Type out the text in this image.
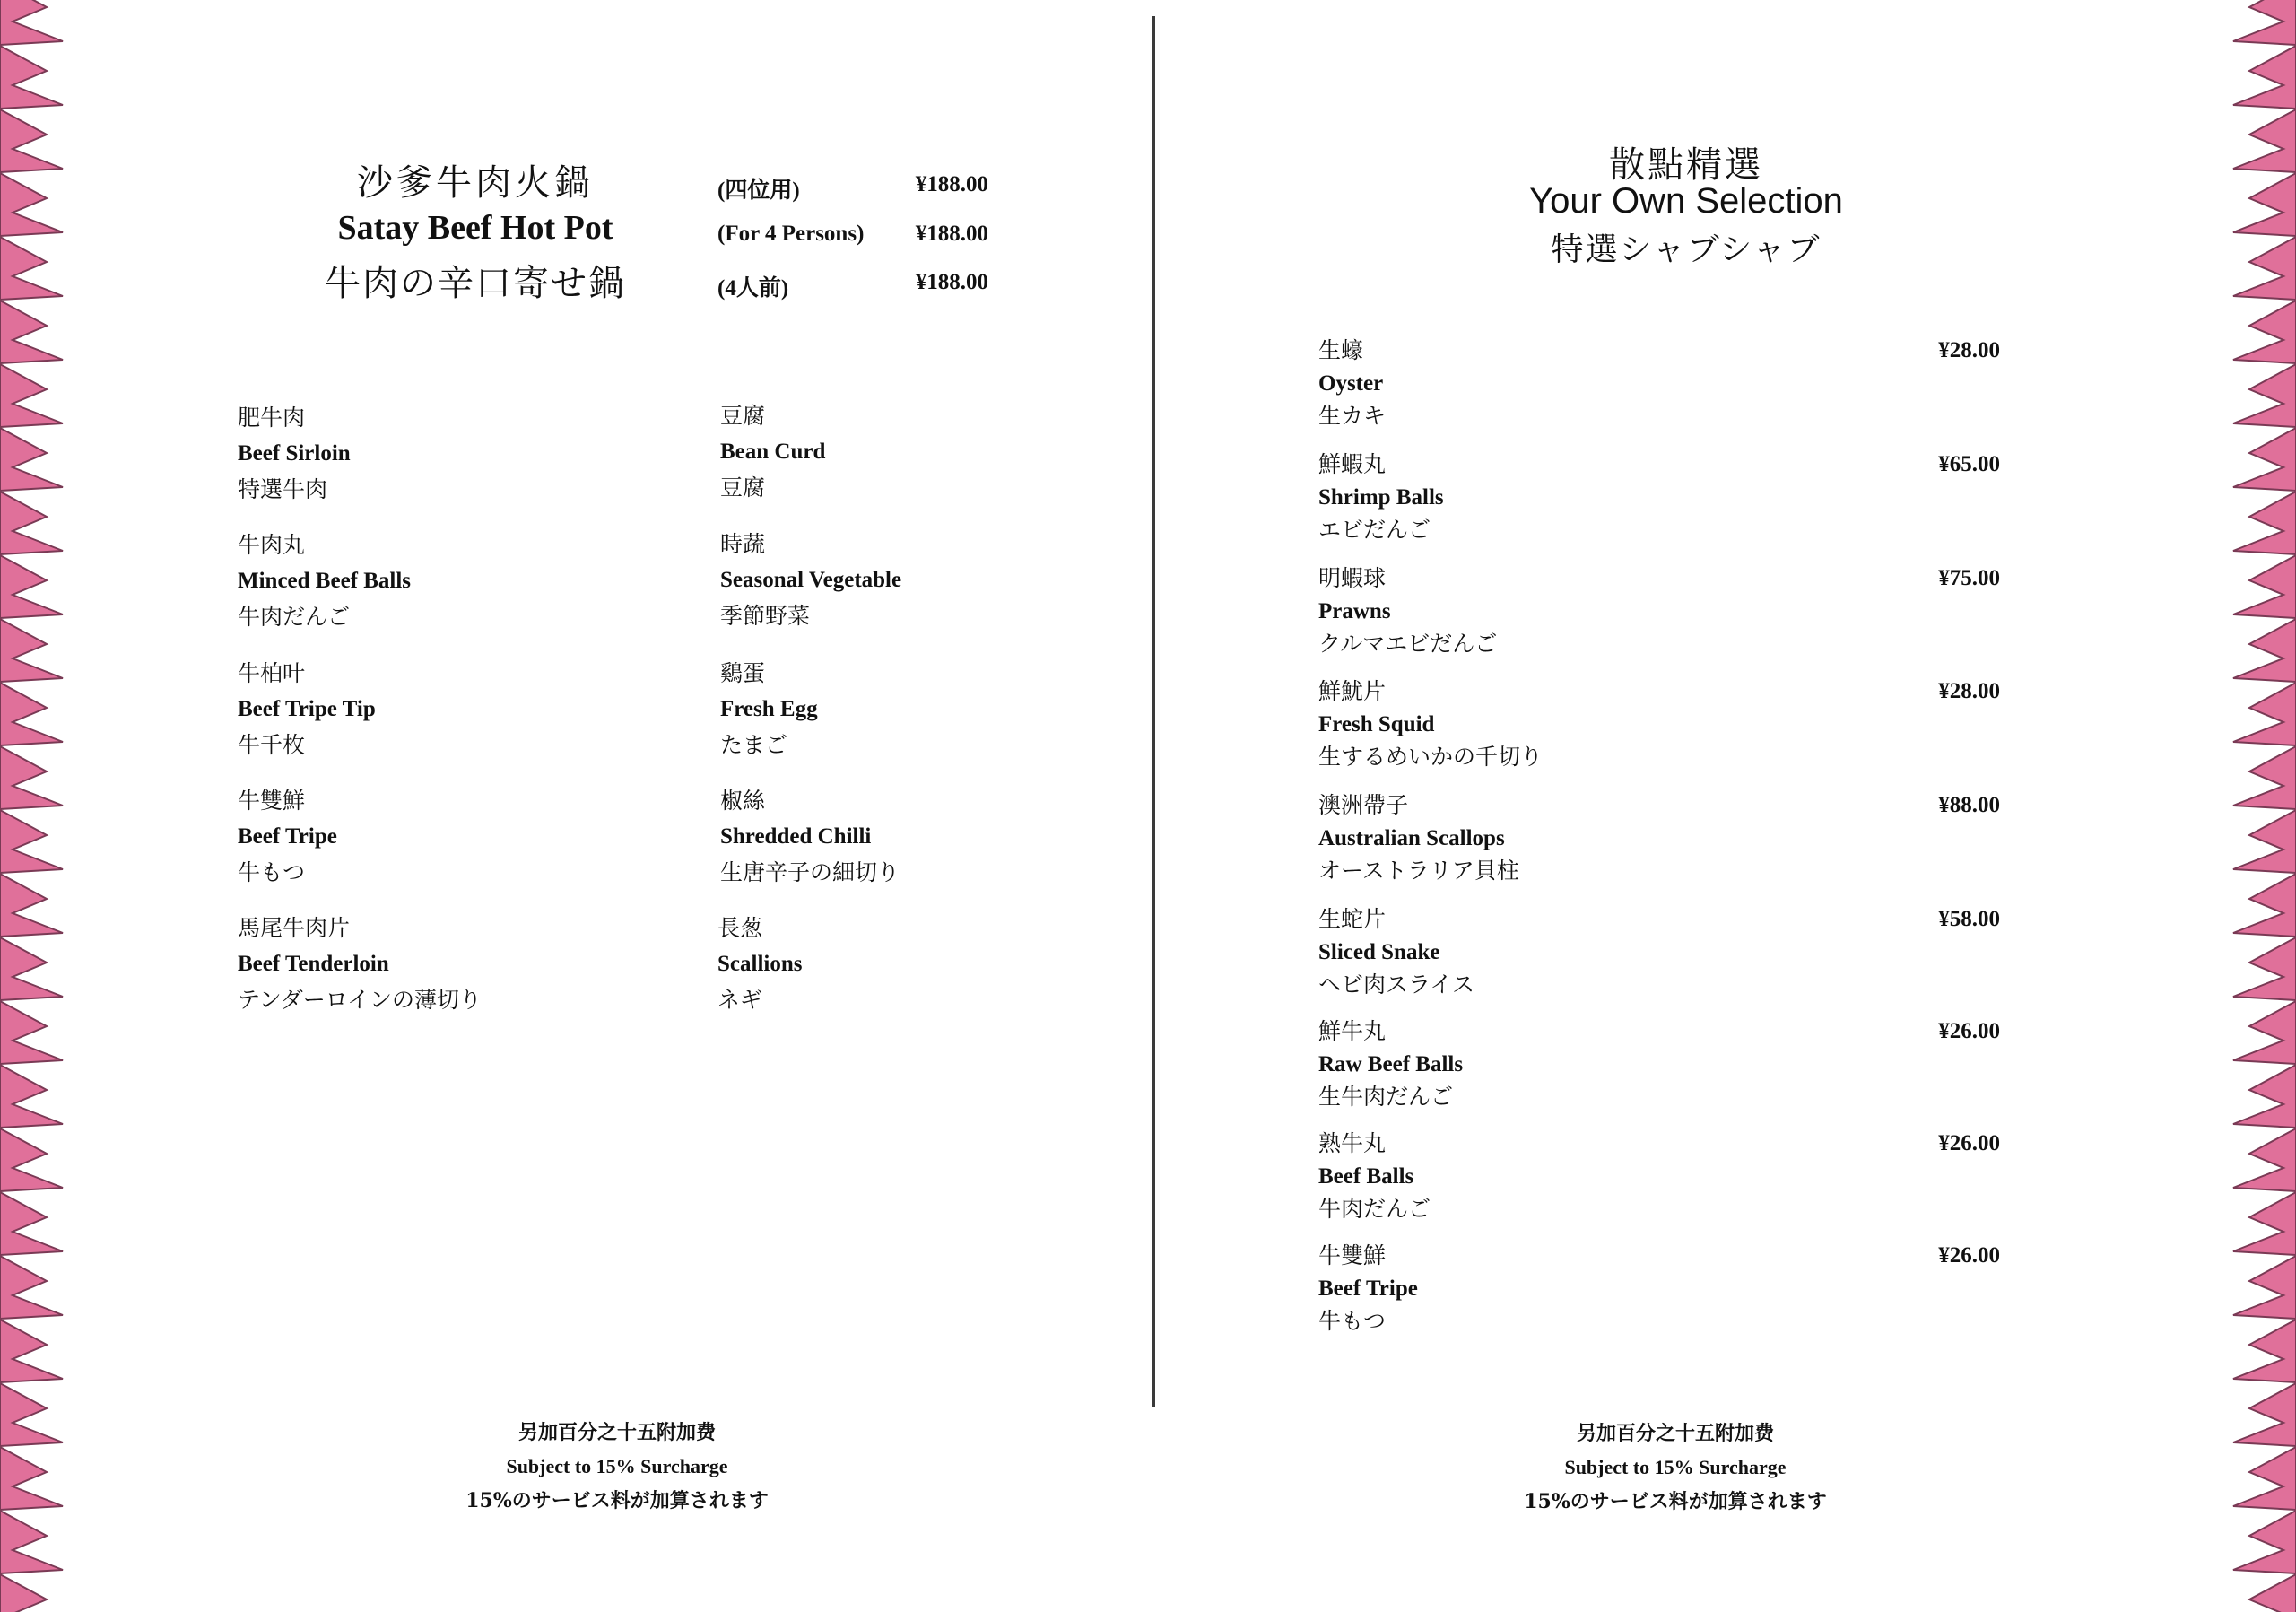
沙爹牛肉火鍋
Satay Beef Hot Pot
牛肉の辛口寄せ鍋
(四位用)
(For 4 Persons)
(4人前)
¥188.00
¥188.00
¥188.00
肥牛肉
Beef Sirloin
特選牛肉
豆腐
Bean Curd
豆腐
牛肉丸
Minced Beef Balls
牛肉だんご
時蔬
Seasonal Vegetable
季節野菜
牛柏叶
Beef Tripe Tip
牛千枚
鷄蛋
Fresh Egg
たまご
牛雙鮮
Beef Tripe
牛もつ
椒絲
Shredded Chilli
生唐辛子の細切り
馬尾牛肉片
Beef Tenderloin
テンダーロインの薄切り
長葱
Scallions
ネギ
另加百分之十五附加费
Subject to 15% Surcharge
15%のサービス料が加算されます
散點精選
Your Own Selection
特選シャブシャブ
生蠔
Oyster
生カキ
¥28.00
鮮蝦丸
Shrimp Balls
エビだんご
¥65.00
明蝦球
Prawns
クルマエビだんご
¥75.00
鮮魷片
Fresh Squid
生するめいかの千切り
¥28.00
澳洲帶子
Australian Scallops
オーストラリア貝柱
¥88.00
生蛇片
Sliced Snake
ヘビ肉スライス
¥58.00
鮮牛丸
Raw Beef Balls
生牛肉だんご
¥26.00
熟牛丸
Beef Balls
牛肉だんご
¥26.00
牛雙鮮
Beef Tripe
牛もつ
¥26.00
另加百分之十五附加费
Subject to 15% Surcharge
15%のサービス料が加算されます
